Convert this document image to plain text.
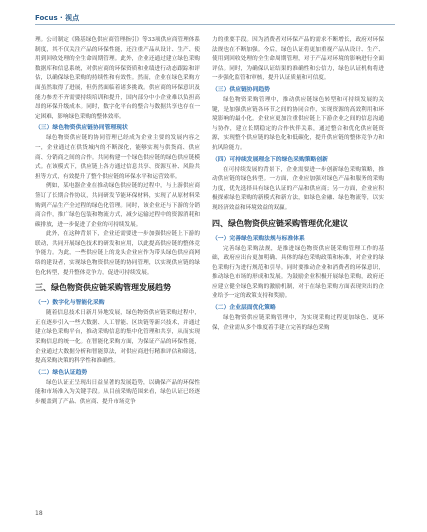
Focus · 视点

理。公司制定《隆基绿色供应商管理指引》等33项供应商管理体系制度，其不仅关注产品的环保性能，还注重产品从设计、生产、使用到回收处理的全生命周期管理。此外，企业还通过建立绿色采购数据库和信息系统，对供应商的环保资质和业绩进行动态跟踪和评估，以确保绿色采购的持续性和有效性。然而，企业在绿色采购方面虽然取得了进展，但仍然面临着诸多挑战。供应商的环保意识及能力参差不齐需要持续培训和提升，国内部分中小企业难以负担高昂的环保升级成本。同时，数字化平台的整合与数据共享也存在一定困难，影响绿色采购的整体效率。

（三）绿色物资供应链协同管理现状

绿色物资供应链的协同管理已经成为企业主要的发展内容之一，企业通过在供货城内的不断深化，能够实现与供货商、供应商、分销商之间的合作。共同构建一个绿色供应链的绿色供应链模式。在该模式下，供应链上各方通过信息共享、资源互补、风险共担等方式，有效提升了整个供应链的环保水平和运营效率。

例如，某电器企业在推动绿色供应链的过程中，与上游供应商签订了长期合作协议，共同研发节能环保材料，实现了从原材料采购到产品生产全过程的绿色化管理。同时，该企业还与下游的分销商合作，推广绿色包装和物流方式，减少运输过程中的资源消耗和碳排放，进一步促进了企业的可持续发展。

此外，在这种背景下，企业还需要进一步加强供应链上下游的联动，共同开展绿色技术的研发和应用，以此提高供应链的整体竞争能力。为此，一些供应链上的龙头企业应作为带头绿色供应商网络的建设者，实现绿色物资供应链的协同管理，以实现供应链的绿色化转型，提升整体竞争力，促进可持续发展。

三、绿色物资供应链采购管理发展趋势
（一）数字化与智能化采购

随着信息技术日新月异地发展，绿色物资供应链采购过程中，正在逐步引入一些大数据、人工智能、区块链等新兴技术，并通过建立绿色采购平台，推动采购信息的集中化管理和共享，从而实现采购信息的统一化。在智能化采购方面，为保证产品的环保性能，企业通过大数据分析和智能算法，对供应商进行精准评估和筛选，提高采购决策的科学性和准确性。

（二）绿色认证趋势

绿色认证正呈现出日益显著的发展趋势，以确保产品的环保性能和市场准入为关键手段。从目前采购范围来看，绿色认证已经逐步覆盖到了产品、供应商、提升市场竞争

力的重要手段。因为消费者对环保产品的需求不断增长，政府对环保法规也在不断加强。今后，绿色认证将更加重视产品从设计、生产、使用到回收处理的全生命周期管理，对于产品对环境的影响进行全面评估。同时，为确保认证结果的准确性和公信力，绿色认证机构将进一步强化监管和审核，提升认证质量和可信度。

（三）供应链协同趋势

绿色物资采购管理中，推动供应链绿色转型和可持续发展的关键，是加强供应链各环节之间的协同合作，实现资源的高效利用和环境影响的最小化。企业应更加注重供应链上下游企业之间的信息沟通与协作，建立长期稳定的合作伙伴关系，通过整合和优化供应链资源，实现整个供应链的绿色化和低碳化，提升供应链的整体竞争力和抗风险能力。

（四）可持续发展理念下的绿色采购策略创新

在可持续发展的背景下，企业需要进一步创新绿色采购策略，推动供应链的绿色转型。一方面，企业应加强对绿色产品和服务的采购力度，优先选择具有绿色认证的产品和供应商；另一方面，企业应积极探索绿色采购的新模式和新方法，如绿色金融、绿色物流等，以实现经济效益和环境效益的双赢。

四、绿色物资供应链采购管理优化建议
（一）完善绿色采购法规与标准体系

完善绿色采购法规，是推进绿色物资供应链采购管理工作的基础，政府应出台更加明确、具体的绿色采购政策和标准，对企业的绿色采购行为进行规范和引导。同时要推动企业和消费者的环保意识，推动绿色市场的形成和发展。为鼓励企业积极开展绿色采购，政府还应建立健全绿色采购的激励机制，对于在绿色采购方面表现突出的企业给予一定的政策支持和奖励。

（二）企业层面优化策略

绿色物资供应链采购管理中，为实现采购过程更加绿色、更环保，企业需从多个维度着手建立完善的绿色采购

18
